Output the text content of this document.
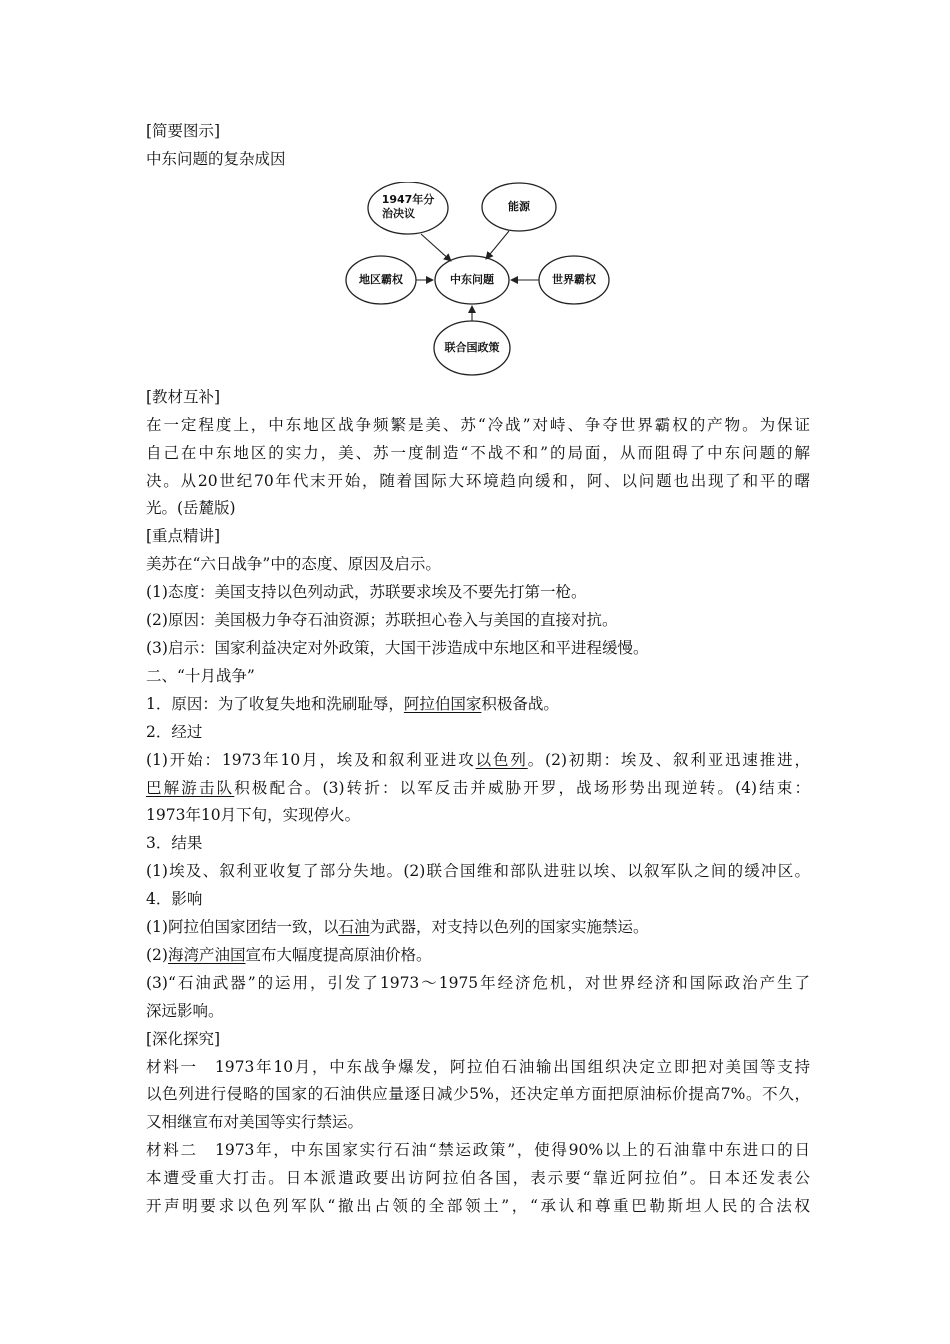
[简要图示]
中东问题的复杂成因
1947年分
治决议
能源
地区霸权	中东问题	世界霸权
联合国政策
[教材互补]
在一定程度上，中东地区战争频繁是美、苏“冷战”对峙、争夺世界霸权的产物。为保证
自己在中东地区的实力，美、苏一度制造“不战不和”的局面，从而阻碍了中东问题的解
决。从20世纪70年代末开始，随着国际大环境趋向缓和，阿、以问题也出现了和平的曙
光。(岳麓版)
[重点精讲]
美苏在“六日战争”中的态度、原因及启示。
(1)态度：美国支持以色列动武，苏联要求埃及不要先打第一枪。
(2)原因：美国极力争夺石油资源；苏联担心卷入与美国的直接对抗。
(3)启示：国家利益决定对外政策，大国干涉造成中东地区和平进程缓慢。
二、“十月战争”
1．原因：为了收复失地和洗刷耻辱，阿拉伯国家积极备战。
2．经过
(1)开始：1973年10月，埃及和叙利亚进攻以色列。(2)初期：埃及、叙利亚迅速推进，
巴解游击队积极配合。(3)转折：以军反击并威胁开罗，战场形势出现逆转。(4)结束：
1973年10月下旬，实现停火。
3．结果
(1)埃及、叙利亚收复了部分失地。(2)联合国维和部队进驻以埃、以叙军队之间的缓冲区。
4．影响
(1)阿拉伯国家团结一致，以石油为武器，对支持以色列的国家实施禁运。
(2)海湾产油国宣布大幅度提高原油价格。
(3)“石油武器”的运用，引发了1973～1975年经济危机，对世界经济和国际政治产生了
深远影响。
[深化探究]
材料一　1973年10月，中东战争爆发，阿拉伯石油输出国组织决定立即把对美国等支持
以色列进行侵略的国家的石油供应量逐日减少5%，还决定单方面把原油标价提高7%。不久，
又相继宣布对美国等实行禁运。
材料二　1973年，中东国家实行石油“禁运政策”，使得90%以上的石油靠中东进口的日
本遭受重大打击。日本派遣政要出访阿拉伯各国，表示要“靠近阿拉伯”。日本还发表公
开声明要求以色列军队“撤出占领的全部领土”，“承认和尊重巴勒斯坦人民的合法权
